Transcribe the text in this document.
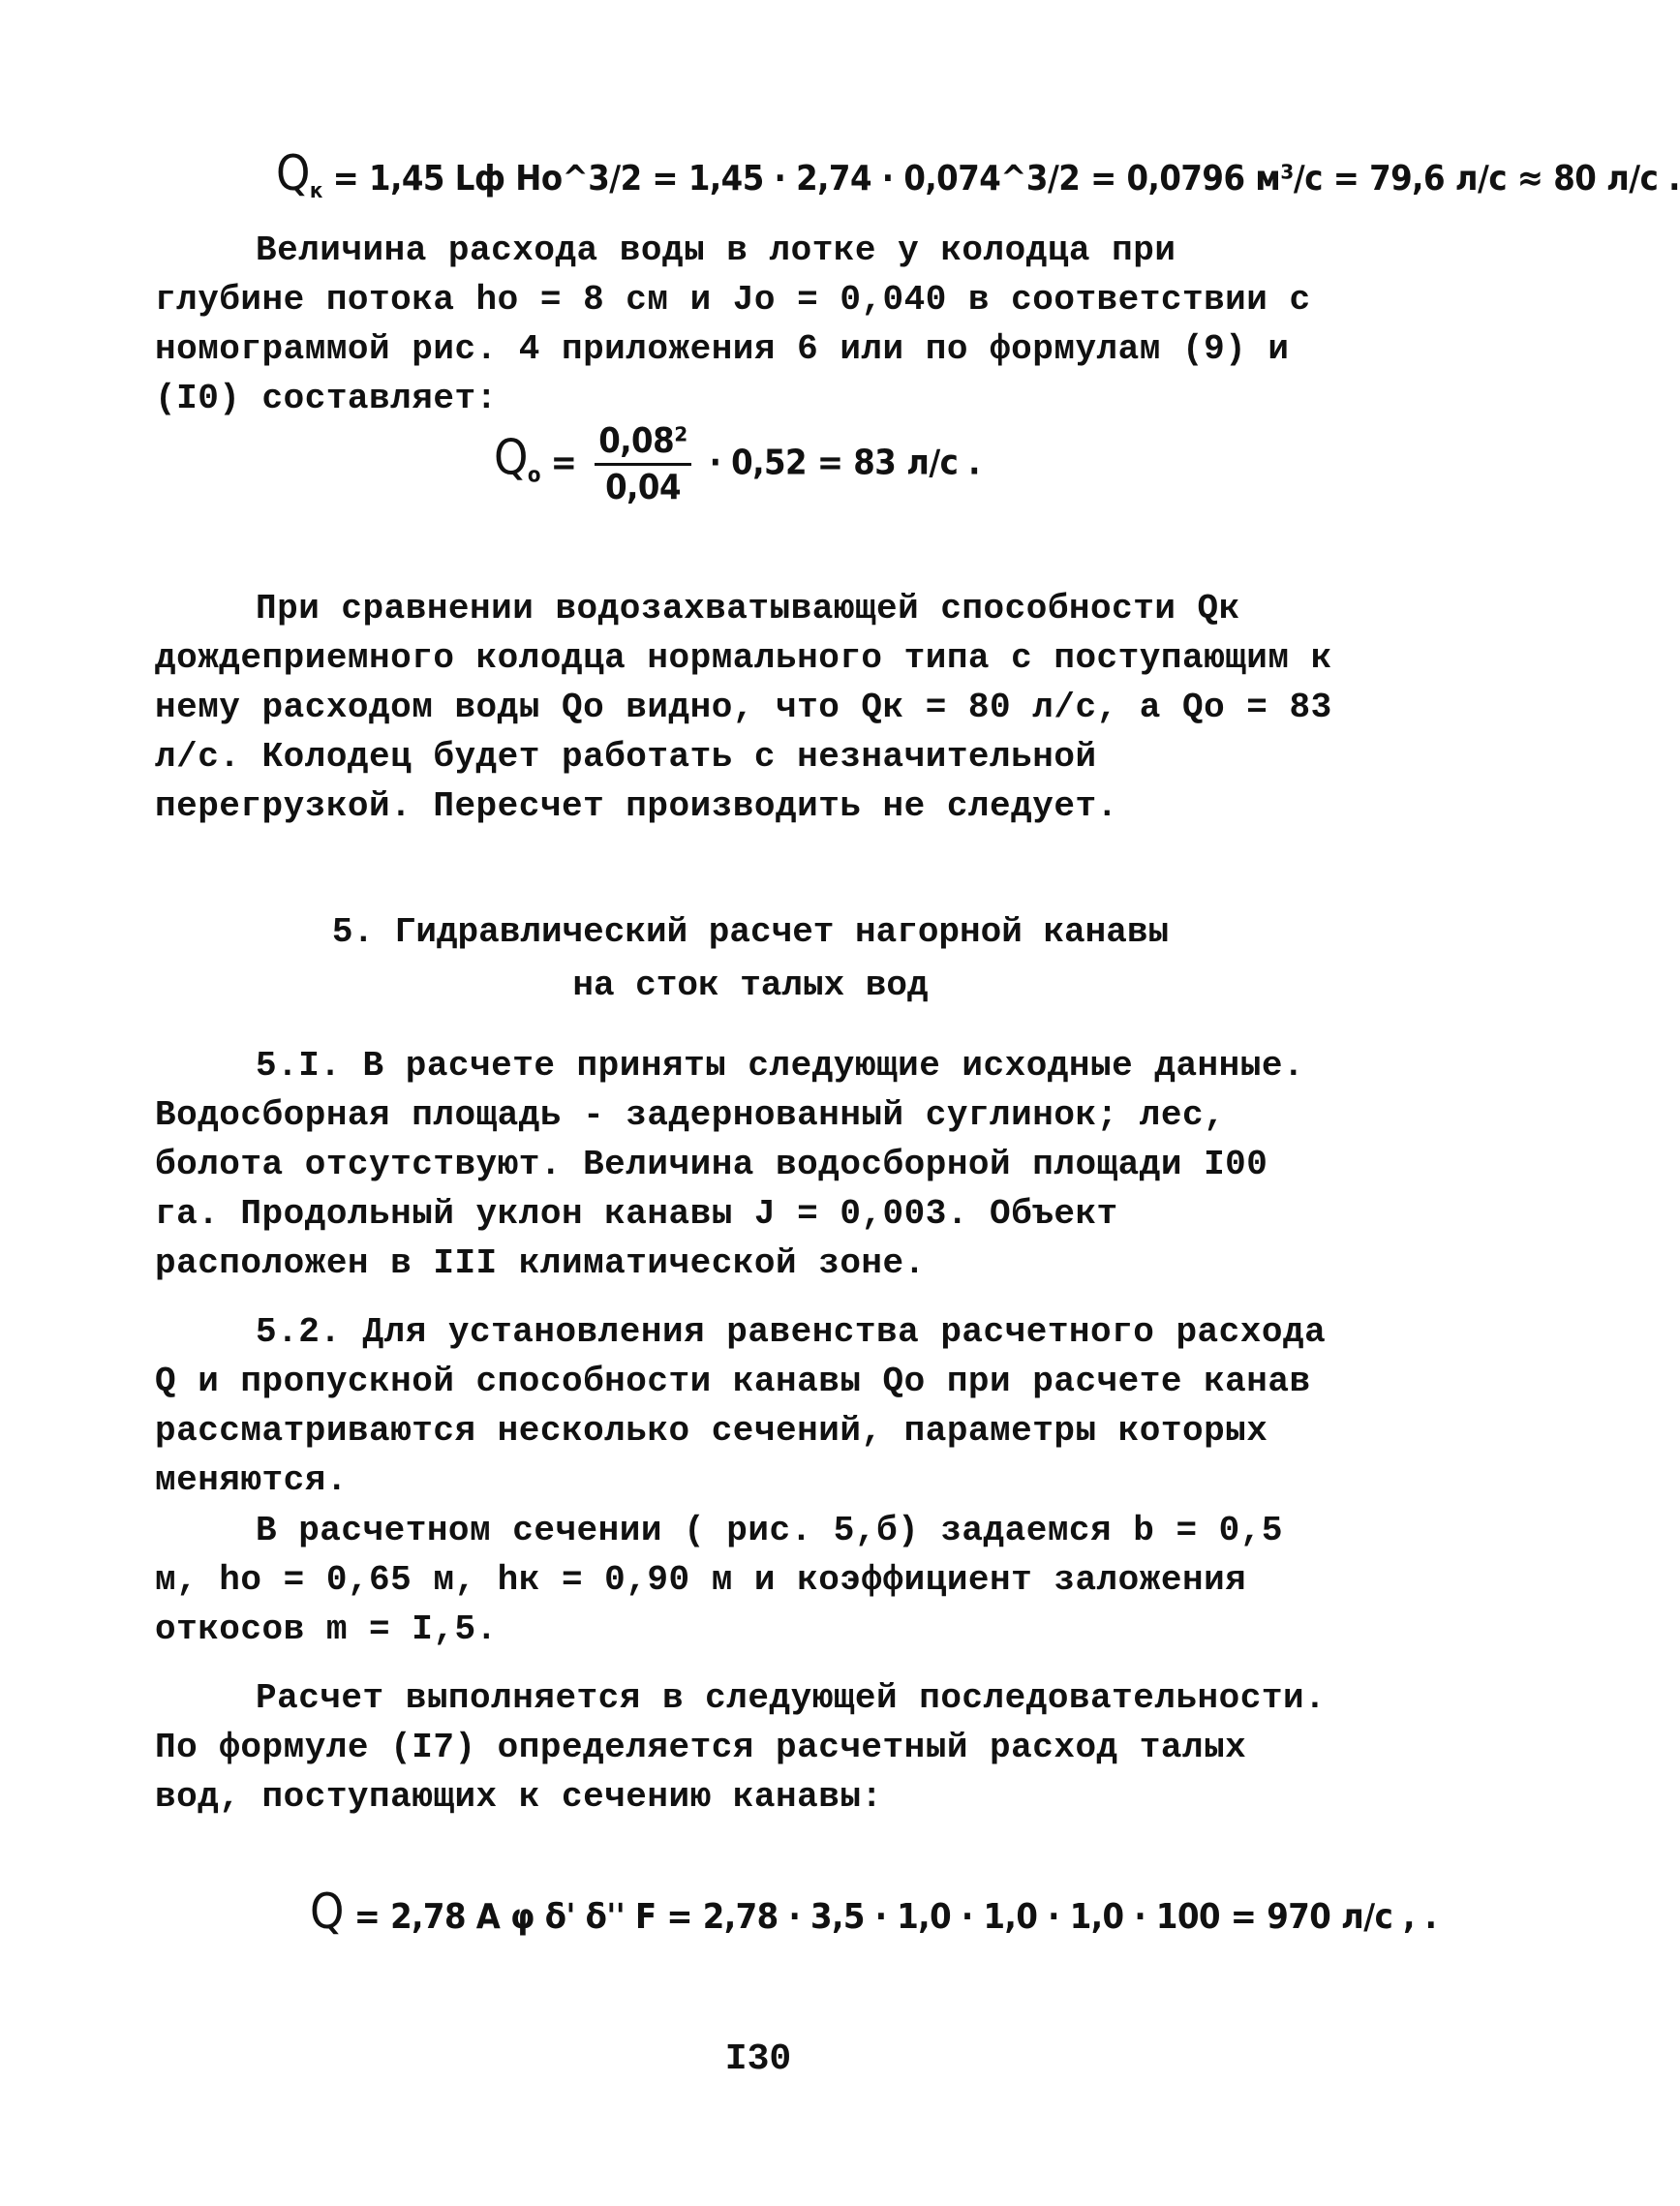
$Q_к = 1,45$ Lф Hо^3/2 = 1,45 · 2,74 · 0,074^3/2 = 0,0796 м³/с = 79,6 л/с ≈ 80 л/с .
Величина расхода воды в лотке у колодца при глубине потока hо = 8 см и Jо = 0,040 в соответствии с номограммой рис. 4 приложения 6 или по формулам (9) и (I0) составляет:
$Q_о = \frac{\text{0,08²}}{0,04} \cdot 0,52 = 83$ л/с .
При сравнении водозахватывающей способности Qк дождеприемного колодца нормального типа с поступающим к нему расходом воды Qо видно, что Qк = 80 л/с, а Qо = 83 л/с. Колодец будет работать с незначительной перегрузкой. Пересчет производить не следует.
5. Гидравлический расчет нагорной канавы
на сток талых вод
5.I. В расчете приняты следующие исходные данные. Водосборная площадь - задернованный суглинок; лес, болота отсутствуют. Величина водосборной площади I00 га. Продольный уклон канавы J = 0,003. Объект расположен в III климатической зоне.
5.2. Для установления равенства расчетного расхода Q и пропускной способности канавы Qо при расчете канав рассматриваются несколько сечений, параметры которых меняются.
В расчетном сечении ( рис. 5,б) задаемся b = 0,5 м, hо = 0,65 м, hк = 0,90 м и коэффициент заложения откосов m = I,5.
Расчет выполняется в следующей последовательности. По формуле (I7) определяется расчетный расход талых вод, поступающих к сечению канавы:
Q = 2,78 A φ δ' δ'' F = 2,78 · 3,5 · 1,0 · 1,0 · 1,0 · 100 = 970 л/с , .
I30
